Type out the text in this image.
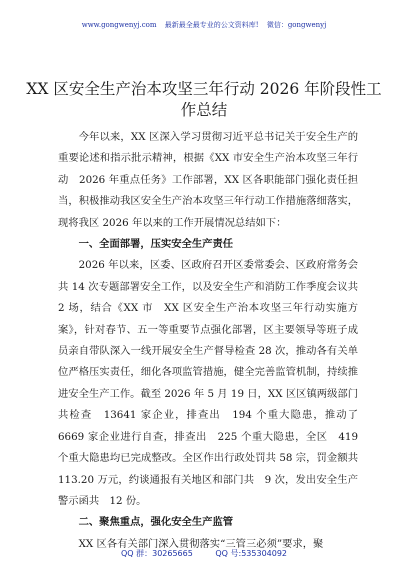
www.gongwenyj.com 最新最全最专业的公文资料库! 微信：gongwenyj
XX 区安全生产治本攻坚三年行动 2026 年阶段性工作总结

今年以来，XX 区深入学习贯彻习近平总书记关于安全生产的重要论述和指示批示精神，根据《XX 市安全生产治本攻坚三年行动　2026 年重点任务》工作部署，XX 区各职能部门强化责任担当，积极推动我区安全生产治本攻坚三年行动工作措施落细落实，现将我区 2026 年以来的工作开展情况总结如下：

一、全面部署，压实安全生产责任

2026 年以来，区委、区政府召开区委常委会、区政府常务会共 14 次专题部署安全工作，以及安全生产和消防工作季度会议共 2 场，结合《XX 市　XX 区安全生产治本攻坚三年行动实施方案》，针对春节、五一等重要节点强化部署，区主要领导等班子成员亲自带队深入一线开展安全生产督导检查 28 次，推动各有关单位严格压实责任，细化各项监管措施，健全完善监管机制，持续推进安全生产工作。截至 2026 年 5 月 19 日，XX 区区镇两级部门共检查　13641 家企业，排查出　194 个重大隐患，推动了　6669 家企业进行自查，排查出　225 个重大隐患，全区　419 个重大隐患均已完成整改。全区作出行政处罚共 58 宗，罚金额共 113.20 万元，约谈通报有关地区和部门共　9 次，发出安全生产警示函共　12 份。

二、聚焦重点，强化安全生产监管

XX 区各有关部门深入贯彻落实“三管三必须”要求，聚

QQ 群：30265665	QQ 号:535304092
